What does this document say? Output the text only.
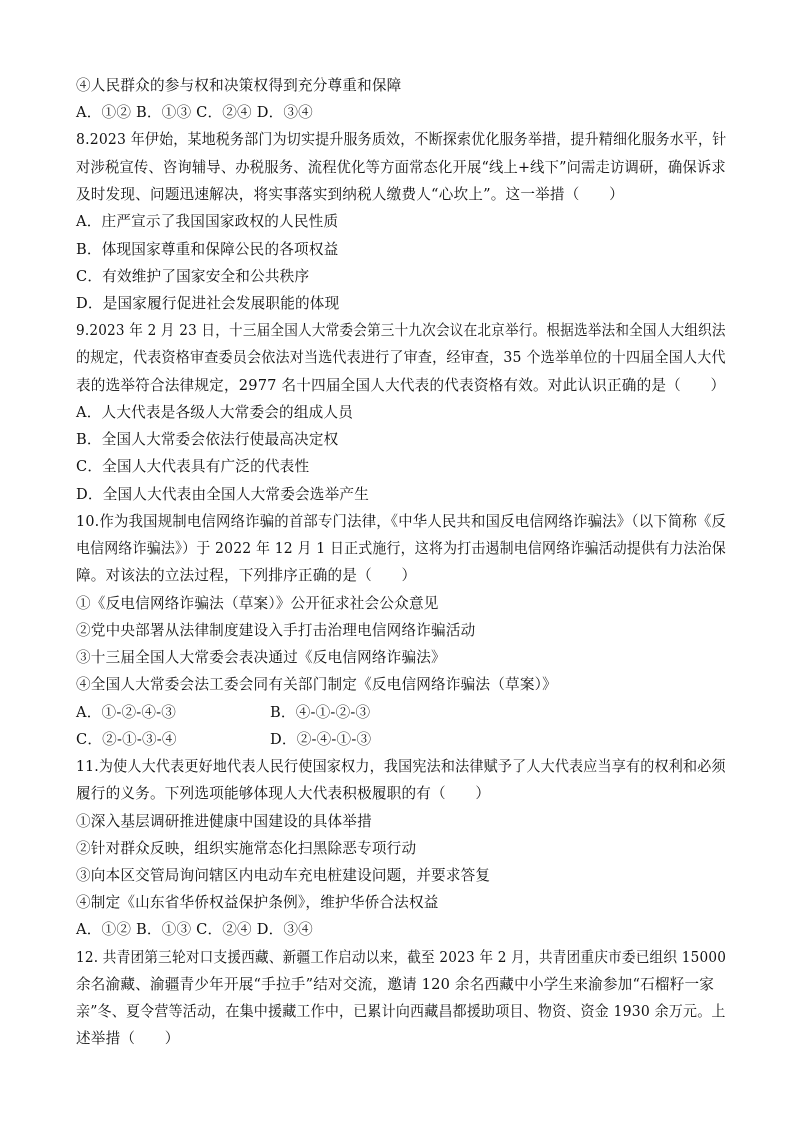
④人民群众的参与权和决策权得到充分尊重和保障
A．①② B．①③ C．②④ D．③④
8.2023 年伊始，某地税务部门为切实提升服务质效，不断探索优化服务举措，提升精细化服务水平，针
对涉税宣传、咨询辅导、办税服务、流程优化等方面常态化开展“线上+线下”问需走访调研，确保诉求
及时发现、问题迅速解决，将实事落实到纳税人缴费人“心坎上”。这一举措（　　）
A．庄严宣示了我国国家政权的人民性质
B．体现国家尊重和保障公民的各项权益
C．有效维护了国家安全和公共秩序
D．是国家履行促进社会发展职能的体现
9.2023 年 2 月 23 日，十三届全国人大常委会第三十九次会议在北京举行。根据选举法和全国人大组织法
的规定，代表资格审查委员会依法对当选代表进行了审查，经审查，35 个选举单位的十四届全国人大代
表的选举符合法律规定，2977 名十四届全国人大代表的代表资格有效。对此认识正确的是（　　）
A．人大代表是各级人大常委会的组成人员
B．全国人大常委会依法行使最高决定权
C．全国人大代表具有广泛的代表性
D．全国人大代表由全国人大常委会选举产生
10.作为我国规制电信网络诈骗的首部专门法律，《中华人民共和国反电信网络诈骗法》（以下简称《反
电信网络诈骗法》）于 2022 年 12 月 1 日正式施行，这将为打击遏制电信网络诈骗活动提供有力法治保
障。对该法的立法过程，下列排序正确的是（　　）
①《反电信网络诈骗法（草案）》公开征求社会公众意见
②党中央部署从法律制度建设入手打击治理电信网络诈骗活动
③十三届全国人大常委会表决通过《反电信网络诈骗法》
④全国人大常委会法工委会同有关部门制定《反电信网络诈骗法（草案）》
A．①-②-④-③	B．④-①-②-③
C．②-①-③-④	D．②-④-①-③
11.为使人大代表更好地代表人民行使国家权力，我国宪法和法律赋予了人大代表应当享有的权利和必须
履行的义务。下列选项能够体现人大代表积极履职的有（　　）
①深入基层调研推进健康中国建设的具体举措
②针对群众反映，组织实施常态化扫黑除恶专项行动
③向本区交管局询问辖区内电动车充电桩建设问题，并要求答复
④制定《山东省华侨权益保护条例》，维护华侨合法权益
A．①② B．①③ C．②④ D．③④
12. 共青团第三轮对口支援西藏、新疆工作启动以来，截至 2023 年 2 月，共青团重庆市委已组织 15000
余名渝藏、渝疆青少年开展“手拉手”结对交流，邀请 120 余名西藏中小学生来渝参加“石榴籽一家
亲”冬、夏令营等活动，在集中援藏工作中，已累计向西藏昌都援助项目、物资、资金 1930 余万元。上
述举措（　　）
